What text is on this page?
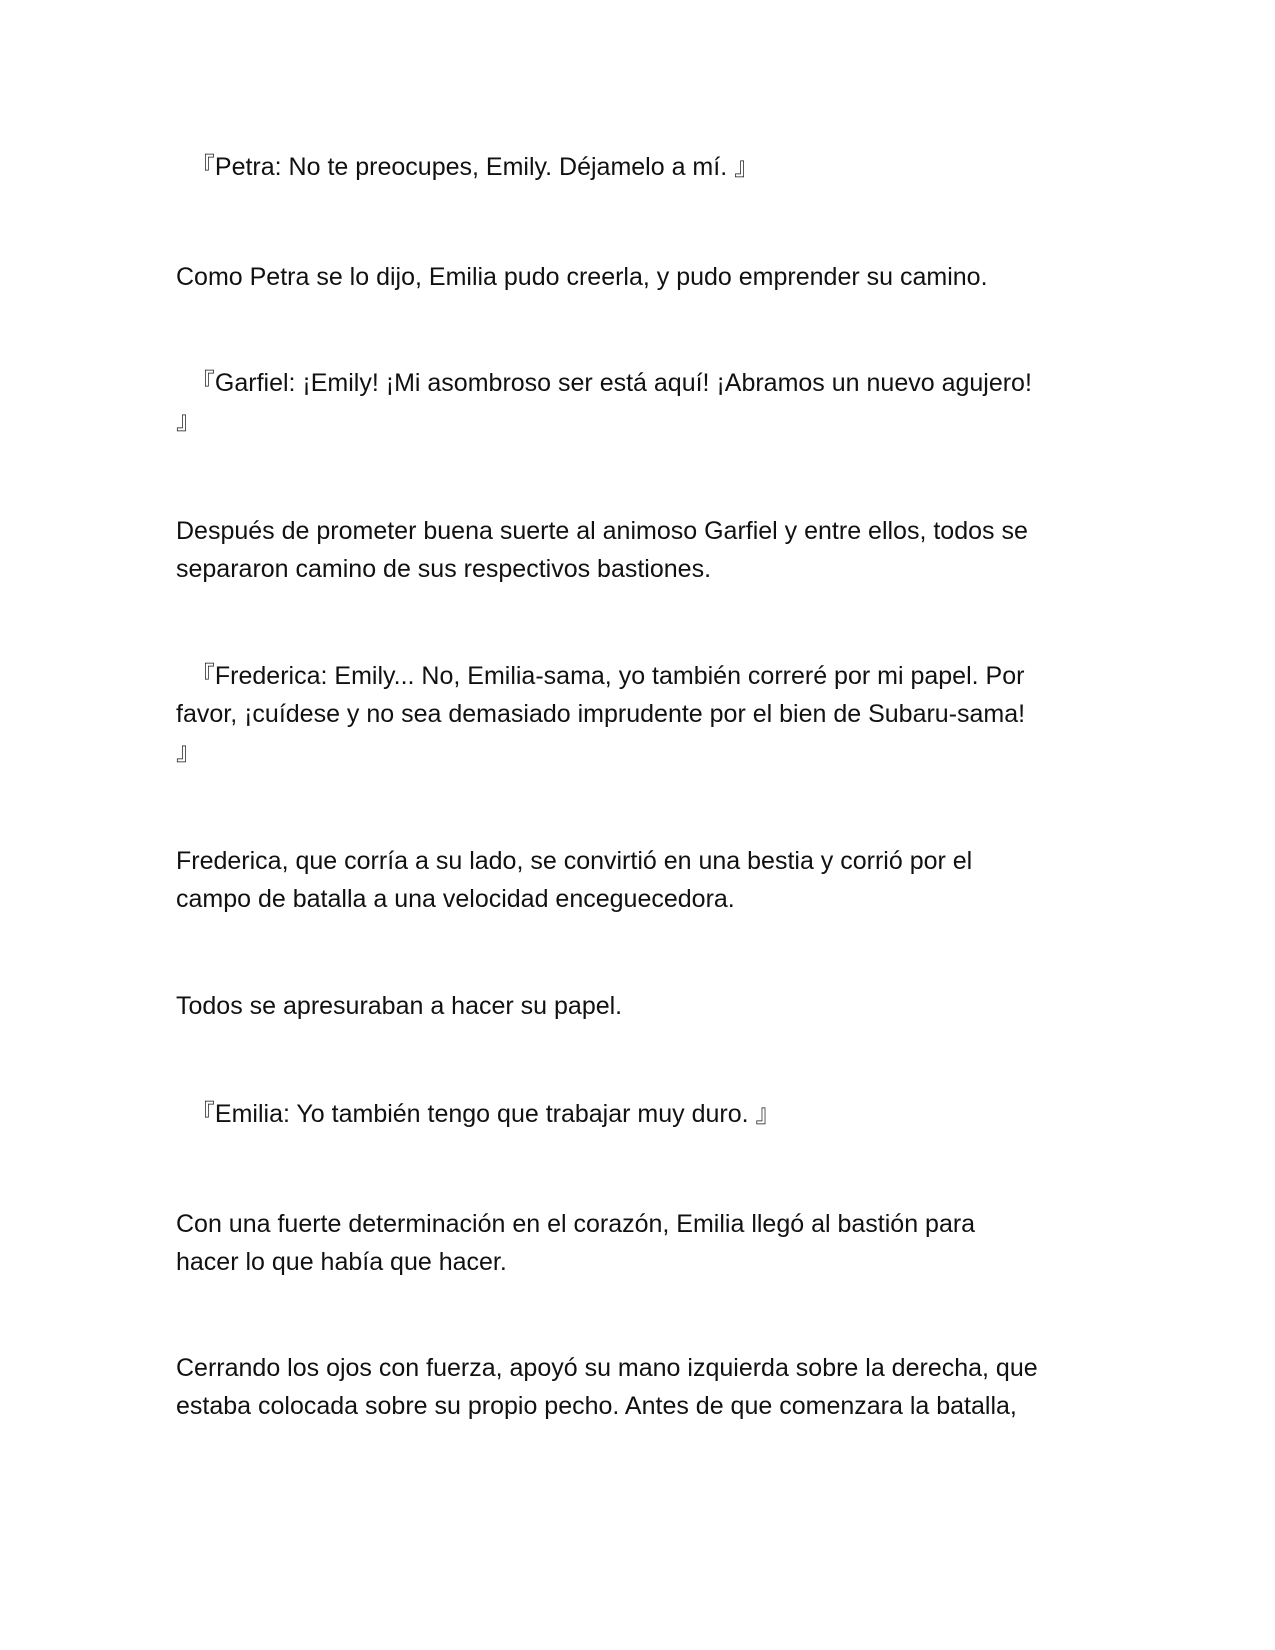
『Petra: No te preocupes, Emily. Déjamelo a mí. 』

Como Petra se lo dijo, Emilia pudo creerla, y pudo emprender su camino.

『Garfiel: ¡Emily! ¡Mi asombroso ser está aquí! ¡Abramos un nuevo agujero!
』

Después de prometer buena suerte al animoso Garfiel y entre ellos, todos se
separaron camino de sus respectivos bastiones.

『Frederica: Emily... No, Emilia-sama, yo también correré por mi papel. Por
favor, ¡cuídese y no sea demasiado imprudente por el bien de Subaru-sama!
』

Frederica, que corría a su lado, se convirtió en una bestia y corrió por el
campo de batalla a una velocidad enceguecedora.

Todos se apresuraban a hacer su papel.

『Emilia: Yo también tengo que trabajar muy duro. 』

Con una fuerte determinación en el corazón, Emilia llegó al bastión para
hacer lo que había que hacer.

Cerrando los ojos con fuerza, apoyó su mano izquierda sobre la derecha, que
estaba colocada sobre su propio pecho. Antes de que comenzara la batalla,
